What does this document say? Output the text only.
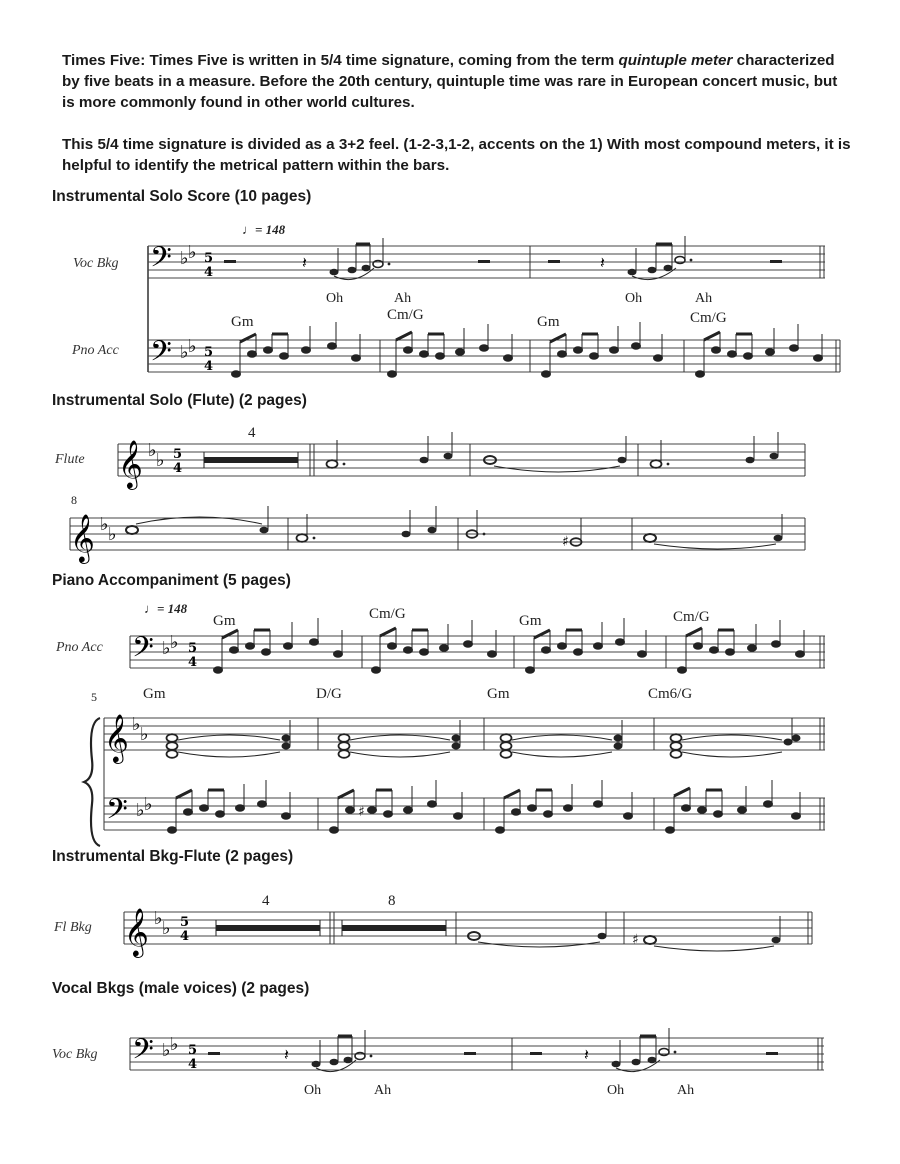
Times Five: Times Five is written in 5/4 time signature, coming from the term quintuple meter characterized by five beats in a measure. Before the 20th century, quintuple time was rare in European concert music, but is more commonly found in other world cultures.

This 5/4 time signature is divided as a 3+2 feel. (1-2-3,1-2, accents on the 1) With most compound meters, it is helpful to identify the metrical pattern within the bars.

Instrumental Solo Score (10 pages)
♩= 148
Voc Bkg
Pno Acc
Oh	Ah	Oh	Ah
Gm	Cm/G	Gm	Cm/G
𝄢 ♭ ♭ 5
4
𝄽	𝄽
𝄢 ♭ ♭ 5
4
Instrumental Solo (Flute) (2 pages)
Flute
4
8
𝄞 ♭ ♭ 5
4
𝄞 ♭ ♭	♯
Piano Accompaniment (5 pages)
♩= 148
Pno Acc
Gm	Cm/G	Gm	Cm/G
5	Gm	D/G	Gm	Cm6/G
𝄢 ♭ ♭ 5
4
𝄞 ♭ ♭
𝄢 ♭ ♭	♯
Instrumental Bkg-Flute (2 pages)
Fl Bkg
4	8
𝄞 ♭ ♭ 5
4	♯
Vocal Bkgs (male voices) (2 pages)
Voc Bkg
Oh	Ah	Oh	Ah
𝄢 ♭ ♭ 5
4
𝄽	𝄽
